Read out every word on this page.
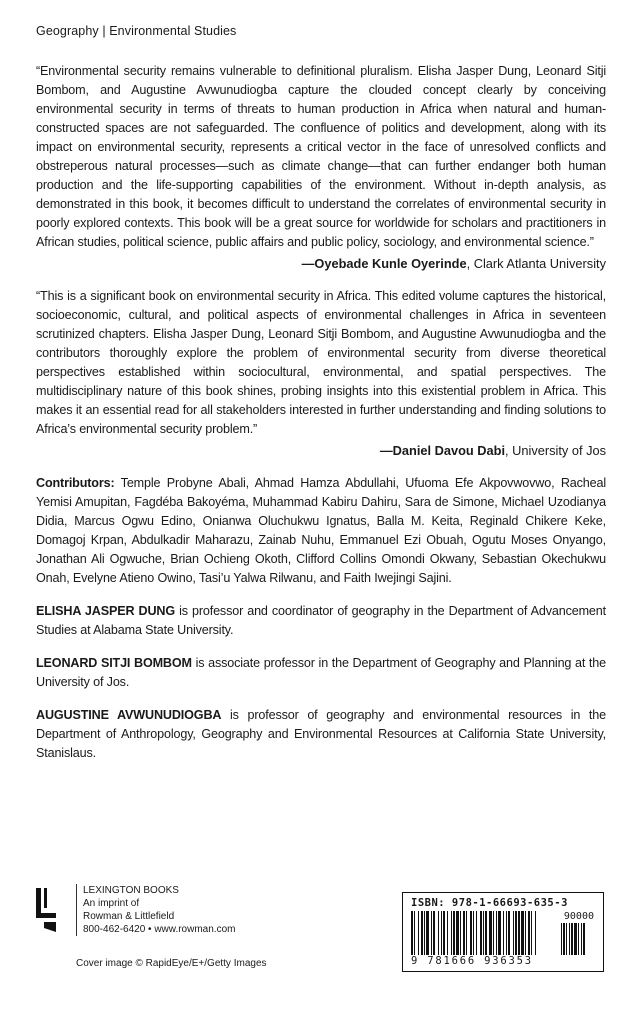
Geography | Environmental Studies

“Environmental security remains vulnerable to definitional pluralism. Elisha Jasper Dung, Leonard Sitji Bombom, and Augustine Avwunudiogba capture the clouded concept clearly by conceiving environmental security in terms of threats to human production in Africa when natural and human-constructed spaces are not safeguarded. The confluence of politics and development, along with its impact on environmental security, represents a critical vector in the face of unresolved conflicts and obstreperous natural processes—such as climate change—that can further endanger both human production and the life-supporting capabilities of the environment. Without in-depth analysis, as demonstrated in this book, it becomes difficult to understand the correlates of environmental security in poorly explored contexts. This book will be a great source for worldwide for scholars and practitioners in African studies, political science, public affairs and public policy, sociology, and environmental science.”

—Oyebade Kunle Oyerinde, Clark Atlanta University

“This is a significant book on environmental security in Africa. This edited volume captures the historical, socioeconomic, cultural, and political aspects of environmental challenges in Africa in seventeen scrutinized chapters. Elisha Jasper Dung, Leonard Sitji Bombom, and Augustine Avwunudiogba and the contributors thoroughly explore the problem of environmental security from diverse theoretical perspectives established within sociocultural, environmental, and spatial perspectives. The multidisciplinary nature of this book shines, probing insights into this existential problem in Africa. This makes it an essential read for all stakeholders interested in further understanding and finding solutions to Africa’s environmental security problem.”

—Daniel Davou Dabi, University of Jos

Contributors: Temple Probyne Abali, Ahmad Hamza Abdullahi, Ufuoma Efe Akpovwovwo, Racheal Yemisi Amupitan, Fagdéba Bakoyéma, Muhammad Kabiru Dahiru, Sara de Simone, Michael Uzodianya Didia, Marcus Ogwu Edino, Onianwa Oluchukwu Ignatus, Balla M. Keita, Reginald Chikere Keke, Domagoj Krpan, Abdulkadir Maharazu, Zainab Nuhu, Emmanuel Ezi Obuah, Ogutu Moses Onyango, Jonathan Ali Ogwuche, Brian Ochieng Okoth, Clifford Collins Omondi Okwany, Sebastian Okechukwu Onah, Evelyne Atieno Owino, Tasi’u Yalwa Rilwanu, and Faith Iwejingi Sajini.

ELISHA JASPER DUNG is professor and coordinator of geography in the Department of Advancement Studies at Alabama State University.

LEONARD SITJI BOMBOM is associate professor in the Department of Geography and Planning at the University of Jos.

AUGUSTINE AVWUNUDIOGBA is professor of geography and environmental resources in the Department of Anthropology, Geography and Environmental Resources at California State University, Stanislaus.

LEXINGTON BOOKS
An imprint of
Rowman & Littlefield
800-462-6420 • www.rowman.com
Cover image © RapidEye/E+/Getty Images
ISBN: 978-1-66693-635-3
90000
9 781666 936353
